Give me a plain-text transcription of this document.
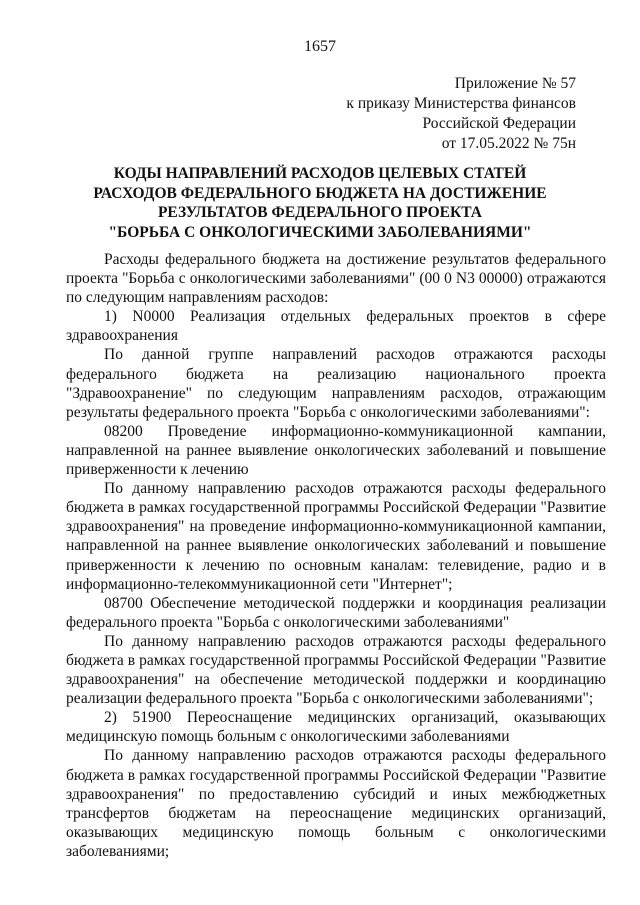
1657
Приложение № 57
к приказу Министерства финансов
Российской Федерации
от 17.05.2022 № 75н
КОДЫ НАПРАВЛЕНИЙ РАСХОДОВ ЦЕЛЕВЫХ СТАТЕЙ
РАСХОДОВ ФЕДЕРАЛЬНОГО БЮДЖЕТА НА ДОСТИЖЕНИЕ
РЕЗУЛЬТАТОВ ФЕДЕРАЛЬНОГО ПРОЕКТА
"БОРЬБА С ОНКОЛОГИЧЕСКИМИ ЗАБОЛЕВАНИЯМИ"

Расходы федерального бюджета на достижение результатов федерального проекта "Борьба с онкологическими заболеваниями" (00 0 N3 00000) отражаются по следующим направлениям расходов:

1) N0000 Реализация отдельных федеральных проектов в сфере здравоохранения

По данной группе направлений расходов отражаются расходы федерального бюджета на реализацию национального проекта "Здравоохранение" по следующим направлениям расходов, отражающим результаты федерального проекта "Борьба с онкологическими заболеваниями":

08200 Проведение информационно-коммуникационной кампании, направленной на раннее выявление онкологических заболеваний и повышение приверженности к лечению

По данному направлению расходов отражаются расходы федерального бюджета в рамках государственной программы Российской Федерации "Развитие здравоохранения" на проведение информационно-коммуникационной кампании, направленной на раннее выявление онкологических заболеваний и повышение приверженности к лечению по основным каналам: телевидение, радио и в информационно-телекоммуникационной сети "Интернет";

08700 Обеспечение методической поддержки и координация реализации федерального проекта "Борьба с онкологическими заболеваниями"

По данному направлению расходов отражаются расходы федерального бюджета в рамках государственной программы Российской Федерации "Развитие здравоохранения" на обеспечение методической поддержки и координацию реализации федерального проекта "Борьба с онкологическими заболеваниями";

2) 51900 Переоснащение медицинских организаций, оказывающих медицинскую помощь больным с онкологическими заболеваниями

По данному направлению расходов отражаются расходы федерального бюджета в рамках государственной программы Российской Федерации "Развитие здравоохранения" по предоставлению субсидий и иных межбюджетных трансфертов бюджетам на переоснащение медицинских организаций, оказывающих медицинскую помощь больным с онкологическими заболеваниями;
